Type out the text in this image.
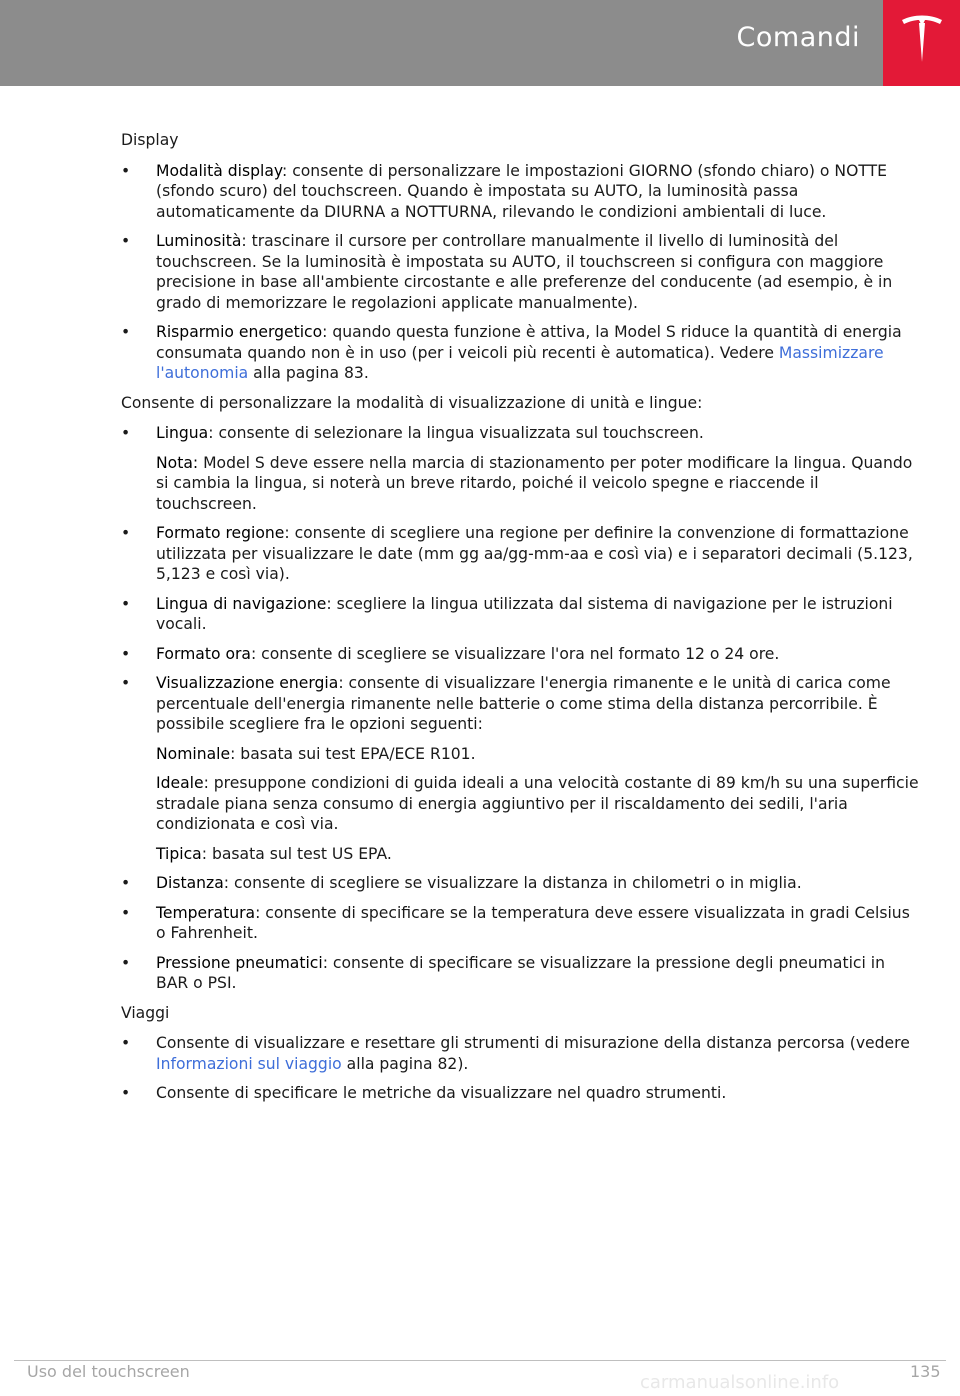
Comandi
Display
• Modalità display: consente di personalizzare le impostazioni GIORNO (sfondo chiaro) o NOTTE (sfondo scuro) del touchscreen. Quando è impostata su AUTO, la luminosità passa automaticamente da DIURNA a NOTTURNA, rilevando le condizioni ambientali di luce.
• Luminosità: trascinare il cursore per controllare manualmente il livello di luminosità del touchscreen. Se la luminosità è impostata su AUTO, il touchscreen si configura con maggiore precisione in base all'ambiente circostante e alle preferenze del conducente (ad esempio, è in grado di memorizzare le regolazioni applicate manualmente).
• Risparmio energetico: quando questa funzione è attiva, la Model S riduce la quantità di energia consumata quando non è in uso (per i veicoli più recenti è automatica). Vedere Massimizzare l'autonomia alla pagina 83.
Consente di personalizzare la modalità di visualizzazione di unità e lingue:
• Lingua: consente di selezionare la lingua visualizzata sul touchscreen.
Nota: Model S deve essere nella marcia di stazionamento per poter modificare la lingua. Quando si cambia la lingua, si noterà un breve ritardo, poiché il veicolo spegne e riaccende il touchscreen.
• Formato regione: consente di scegliere una regione per definire la convenzione di formattazione utilizzata per visualizzare le date (mm gg aa/gg-mm-aa e così via) e i separatori decimali (5.123, 5,123 e così via).
• Lingua di navigazione: scegliere la lingua utilizzata dal sistema di navigazione per le istruzioni vocali.
• Formato ora: consente di scegliere se visualizzare l'ora nel formato 12 o 24 ore.
• Visualizzazione energia: consente di visualizzare l'energia rimanente e le unità di carica come percentuale dell'energia rimanente nelle batterie o come stima della distanza percorribile. È possibile scegliere fra le opzioni seguenti:
Nominale: basata sui test EPA/ECE R101.
Ideale: presuppone condizioni di guida ideali a una velocità costante di 89 km/h su una superficie stradale piana senza consumo di energia aggiuntivo per il riscaldamento dei sedili, l'aria condizionata e così via.
Tipica: basata sul test US EPA.
• Distanza: consente di scegliere se visualizzare la distanza in chilometri o in miglia.
• Temperatura: consente di specificare se la temperatura deve essere visualizzata in gradi Celsius o Fahrenheit.
• Pressione pneumatici: consente di specificare se visualizzare la pressione degli pneumatici in BAR o PSI.
Viaggi
• Consente di visualizzare e resettare gli strumenti di misurazione della distanza percorsa (vedere Informazioni sul viaggio alla pagina 82).
• Consente di specificare le metriche da visualizzare nel quadro strumenti.
Uso del touchscreen	135
carmanualsonline.info
